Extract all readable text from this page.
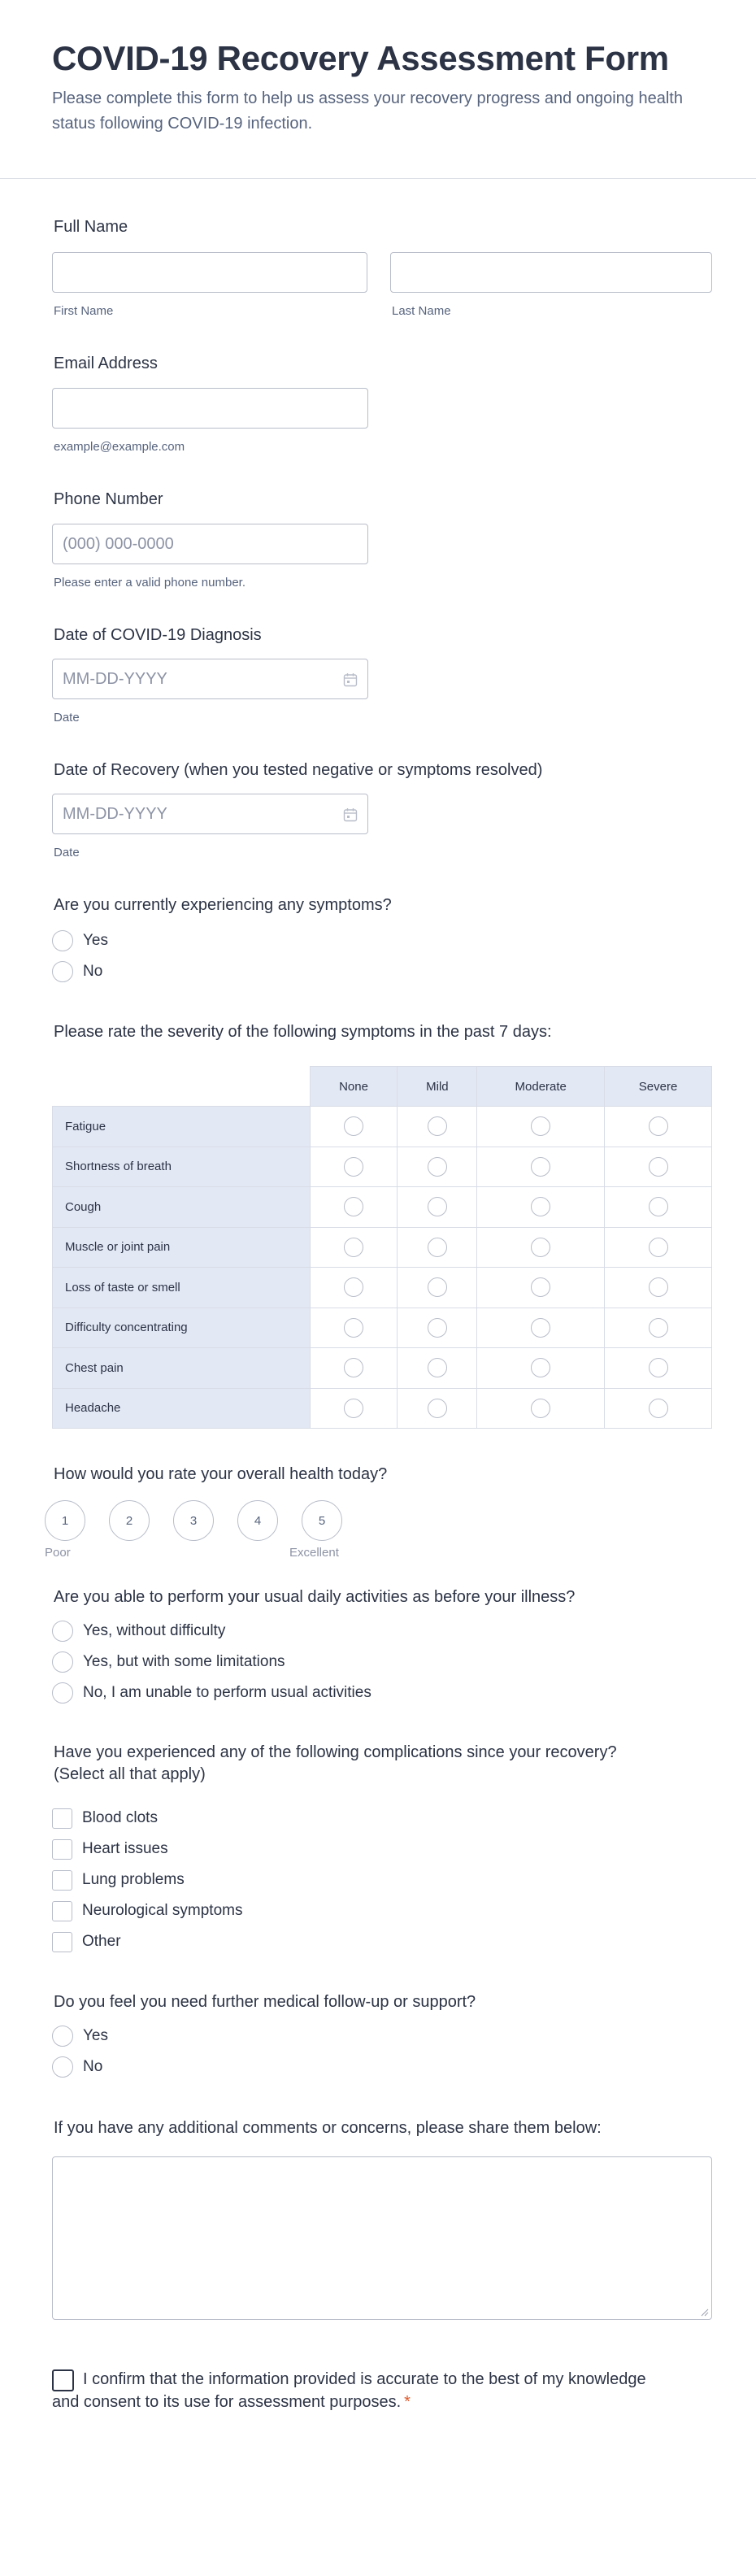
COVID-19 Recovery Assessment Form

Please complete this form to help us assess your recovery progress and ongoing health status following COVID-19 infection.

Full Name
First Name	Last Name
Email Address
example@example.com
Phone Number
(000) 000-0000
Please enter a valid phone number.
Date of COVID-19 Diagnosis
MM-DD-YYYY
Date
Date of Recovery (when you tested negative or symptoms resolved)
MM-DD-YYYY
Date
Are you currently experiencing any symptoms?
Yes
No
Please rate the severity of the following symptoms in the past 7 days:
	None	Mild	Moderate	Severe
Fatigue				
Shortness of breath				
Cough				
Muscle or joint pain				
Loss of taste or smell				
Difficulty concentrating				
Chest pain				
Headache				
How would you rate your overall health today?
1	2	3	4	5
Poor	Excellent
Are you able to perform your usual daily activities as before your illness?
Yes, without difficulty
Yes, but with some limitations
No, I am unable to perform usual activities
Have you experienced any of the following complications since your recovery?
(Select all that apply)
Blood clots
Heart issues
Lung problems
Neurological symptoms
Other
Do you feel you need further medical follow-up or support?
Yes
No
If you have any additional comments or concerns, please share them below:
I confirm that the information provided is accurate to the best of my knowledge and consent to its use for assessment purposes. *
